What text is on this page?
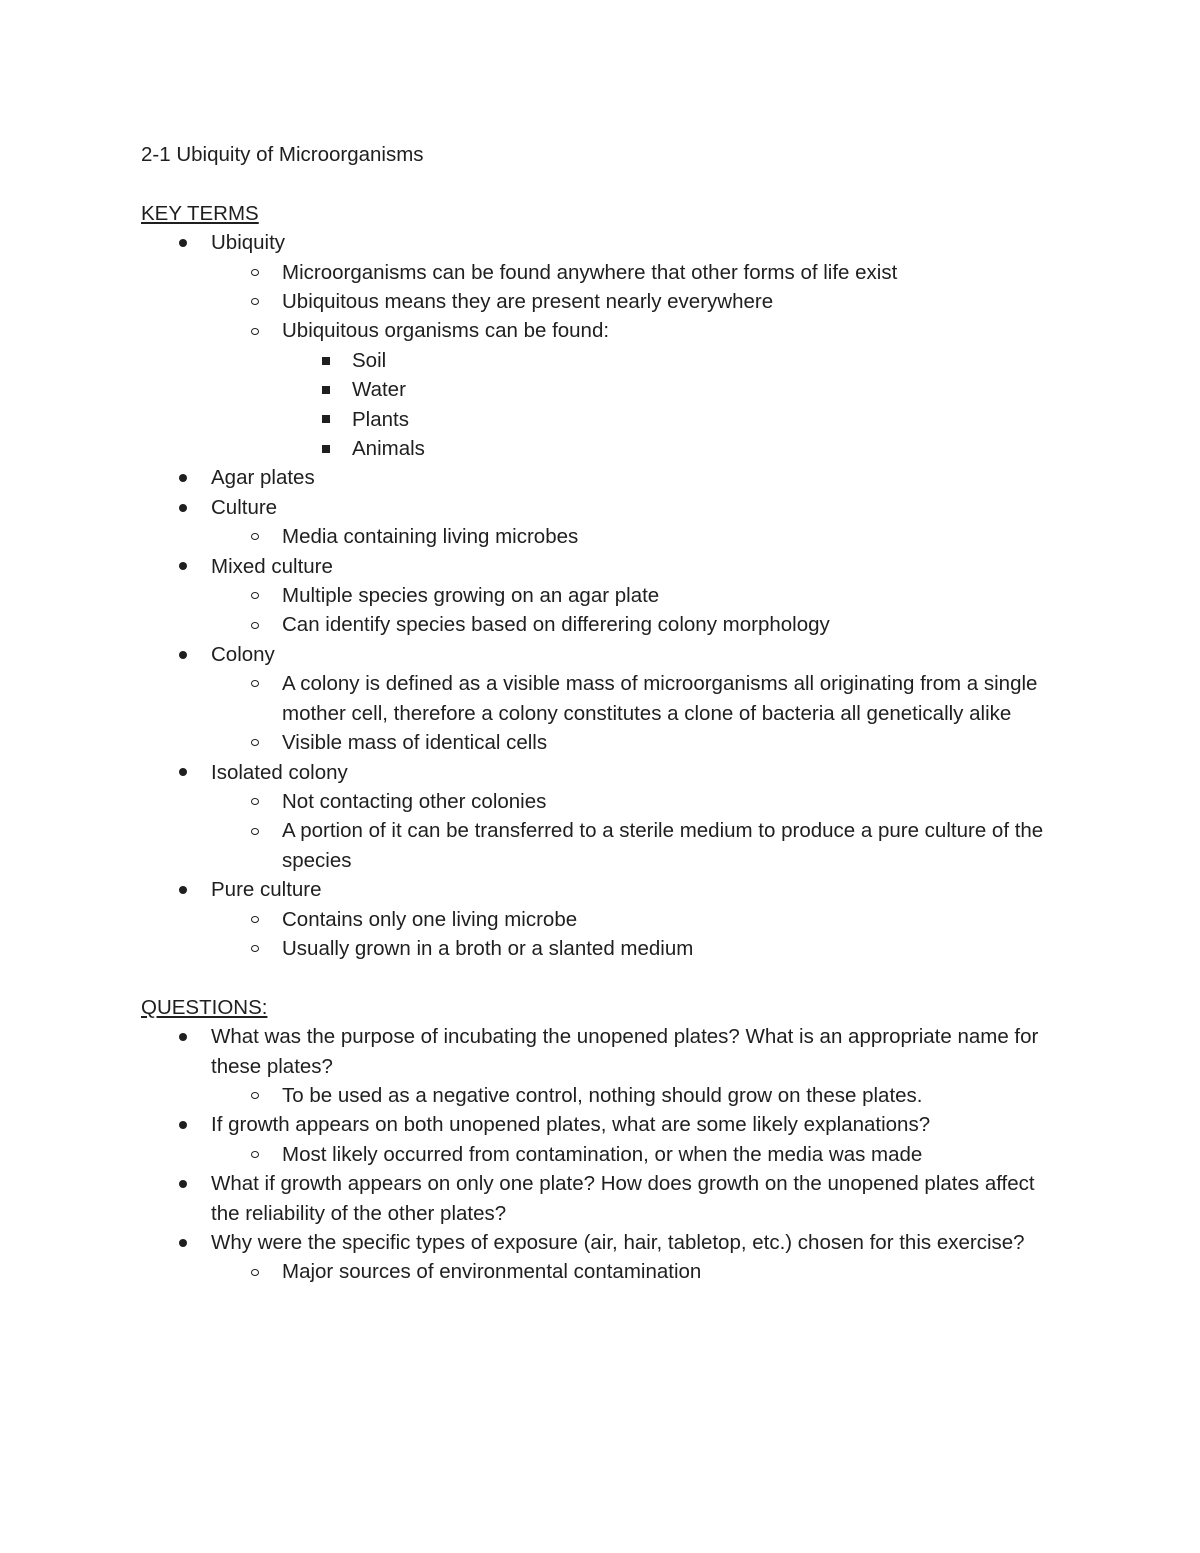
2-1 Ubiquity of Microorganisms
KEY TERMS
Ubiquity
Microorganisms can be found anywhere that other forms of life exist
Ubiquitous means they are present nearly everywhere
Ubiquitous organisms can be found:
Soil
Water
Plants
Animals
Agar plates
Culture
Media containing living microbes
Mixed culture
Multiple species growing on an agar plate
Can identify species based on differering colony morphology
Colony
A colony is defined as a visible mass of microorganisms all originating from a single mother cell, therefore a colony constitutes a clone of bacteria all genetically alike
Visible mass of identical cells
Isolated colony
Not contacting other colonies
A portion of it can be transferred to a sterile medium to produce a pure culture of the species
Pure culture
Contains only one living microbe
Usually grown in a broth or a slanted medium
QUESTIONS:
What was the purpose of incubating the unopened plates? What is an appropriate name for these plates?
To be used as a negative control, nothing should grow on these plates.
If growth appears on both unopened plates, what are some likely explanations?
Most likely occurred from contamination, or when the media was made
What if growth appears on only one plate? How does growth on the unopened plates affect the reliability of the other plates?
Why were the specific types of exposure (air, hair, tabletop, etc.) chosen for this exercise?
Major sources of environmental contamination
